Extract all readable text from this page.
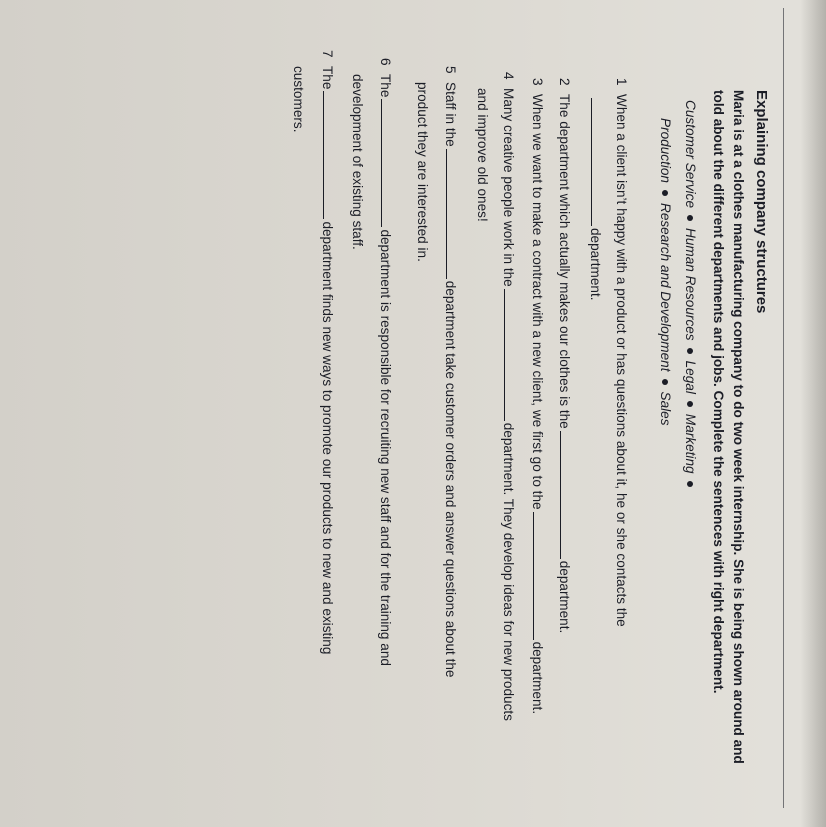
Explaining company structures
Maria is at a clothes manufacturing company to do two week internship. She is being shown around and told about the different departments and jobs. Complete the sentences with right department.
Customer ServiceHuman ResourcesLegalMarketing
ProductionResearch and DevelopmentSales
1When a client isn’t happy with a product or has questions about it, he or she contacts the
department.
2The department which actually makes our clothes is thedepartment.
3When we want to make a contract with a new client, we first go to thedepartment.
4Many creative people work in thedepartment. They develop ideas for new products
and improve old ones!
5Staff in thedepartment take customer orders and answer questions about the
product they are interested in.
6Thedepartment is responsible for recruiting new staff and for the training and
development of existing staff.
7Thedepartment finds new ways to promote our products to new and existing
customers.
